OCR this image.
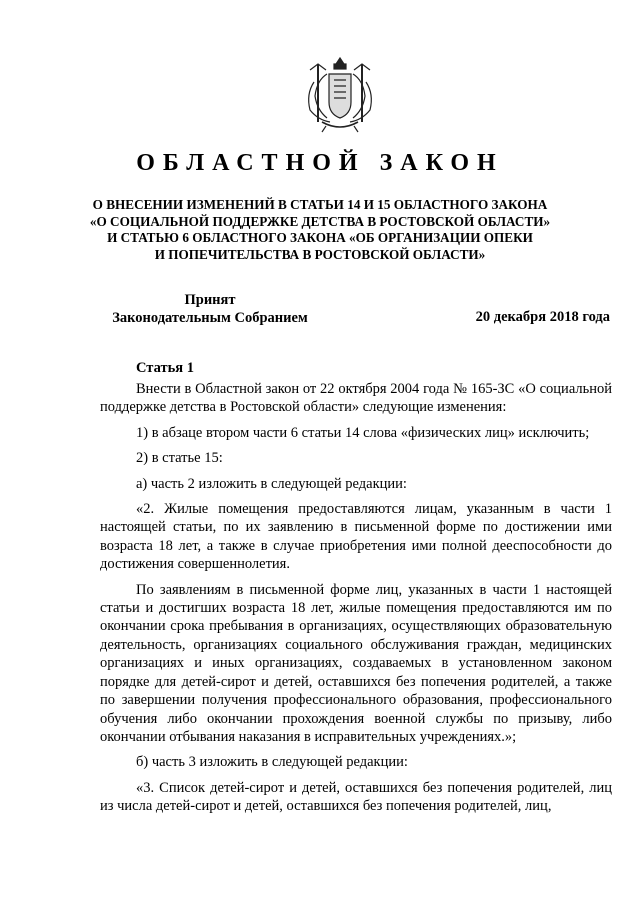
ОБЛАСТНОЙ ЗАКОН
О ВНЕСЕНИИ ИЗМЕНЕНИЙ В СТАТЬИ 14 И 15 ОБЛАСТНОГО ЗАКОНА
«О СОЦИАЛЬНОЙ ПОДДЕРЖКЕ ДЕТСТВА В РОСТОВСКОЙ ОБЛАСТИ»
И СТАТЬЮ 6 ОБЛАСТНОГО ЗАКОНА «ОБ ОРГАНИЗАЦИИ ОПЕКИ
И ПОПЕЧИТЕЛЬСТВА В РОСТОВСКОЙ ОБЛАСТИ»
Принят
Законодательным Собранием	20 декабря 2018 года
Статья 1

Внести в Областной закон от 22 октября 2004 года № 165-ЗС «О социальной поддержке детства в Ростовской области» следующие изменения:

1) в абзаце втором части 6 статьи 14 слова «физических лиц» исключить;

2) в статье 15:

а) часть 2 изложить в следующей редакции:

«2. Жилые помещения предоставляются лицам, указанным в части 1 настоящей статьи, по их заявлению в письменной форме по достижении ими возраста 18 лет, а также в случае приобретения ими полной дееспособности до достижения совершеннолетия.

По заявлениям в письменной форме лиц, указанных в части 1 настоящей статьи и достигших возраста 18 лет, жилые помещения предоставляются им по окончании срока пребывания в организациях, осуществляющих образовательную деятельность, организациях социального обслуживания граждан, медицинских организациях и иных организациях, создаваемых в установленном законом порядке для детей-сирот и детей, оставшихся без попечения родителей, а также по завершении получения профессионального образования, профессионального обучения либо окончании прохождения военной службы по призыву, либо окончании отбывания наказания в исправительных учреждениях.»;

б) часть 3 изложить в следующей редакции:

«3. Список детей-сирот и детей, оставшихся без попечения родителей, лиц из числа детей-сирот и детей, оставшихся без попечения родителей, лиц,
